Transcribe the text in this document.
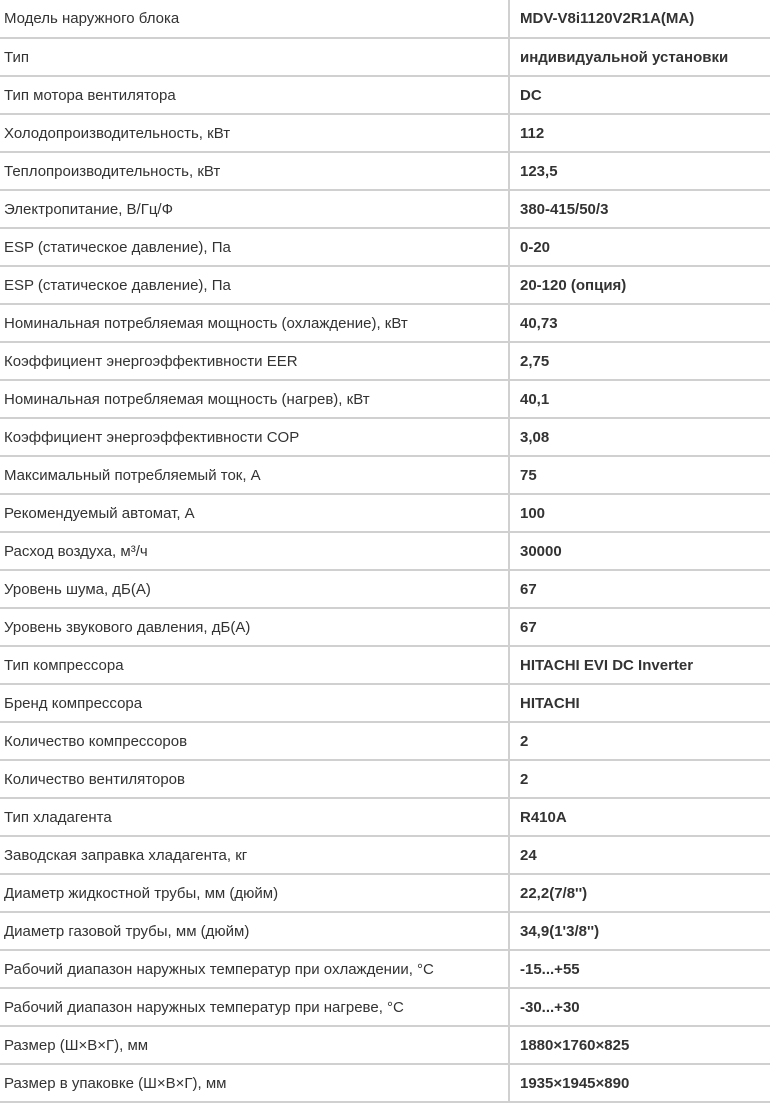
Модель наружного блока	MDV-V8i1120V2R1A(MA)
Тип	индивидуальной установки
Тип мотора вентилятора	DC
Холодопроизводительность, кВт	112
Теплопроизводительность, кВт	123,5
Электропитание, В/Гц/Ф	380-415/50/3
ESP (статическое давление), Па	0-20
ESP (статическое давление), Па	20-120 (опция)
Номинальная потребляемая мощность (охлаждение), кВт	40,73
Коэффициент энергоэффективности EER	2,75
Номинальная потребляемая мощность (нагрев), кВт	40,1
Коэффициент энергоэффективности COP	3,08
Максимальный потребляемый ток, А	75
Рекомендуемый автомат, А	100
Расход воздуха, м³/ч	30000
Уровень шума, дБ(А)	67
Уровень звукового давления, дБ(А)	67
Тип компрессора	HITACHI EVI DC Inverter
Бренд компрессора	HITACHI
Количество компрессоров	2
Количество вентиляторов	2
Тип хладагента	R410A
Заводская заправка хладагента, кг	24
Диаметр жидкостной трубы, мм (дюйм)	22,2(7/8'')
Диаметр газовой трубы, мм (дюйм)	34,9(1'3/8'')
Рабочий диапазон наружных температур при охлаждении, °С	-15...+55
Рабочий диапазон наружных температур при нагреве, °С	-30...+30
Размер (Ш×В×Г), мм	1880×1760×825
Размер в упаковке (Ш×В×Г), мм	1935×1945×890
